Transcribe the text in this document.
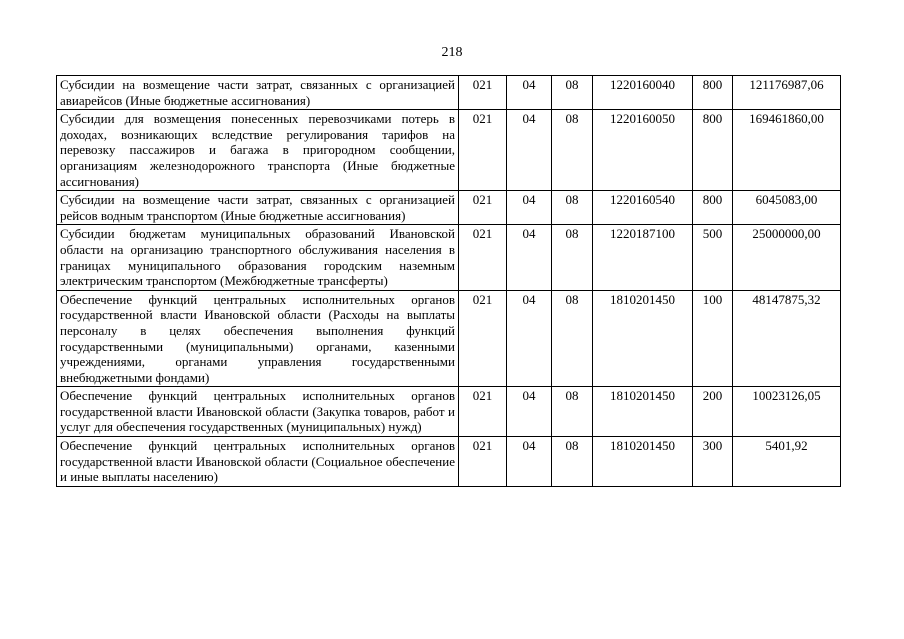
218
Субсидии на возмещение части затрат, связанных с организацией авиарейсов (Иные бюджетные ассигнования)	021	04	08	1220160040	800	121176987,06
Субсидии для возмещения понесенных перевозчиками потерь в доходах, возникающих вследствие регулирования тарифов на перевозку пассажиров и багажа в пригородном сообщении, организациям железнодорожного транспорта (Иные бюджетные ассигнования)	021	04	08	1220160050	800	169461860,00
Субсидии на возмещение части затрат, связанных с организацией рейсов водным транспортом (Иные бюджетные ассигнования)	021	04	08	1220160540	800	6045083,00
Субсидии бюджетам муниципальных образований Ивановской области на организацию транспортного обслуживания населения в границах муниципального образования городским наземным электрическим транспортом (Межбюджетные трансферты)	021	04	08	1220187100	500	25000000,00
Обеспечение функций центральных исполнительных органов государственной власти Ивановской области (Расходы на выплаты персоналу в целях обеспечения выполнения функций государственными (муниципальными) органами, казенными учреждениями, органами управления государственными внебюджетными фондами)	021	04	08	1810201450	100	48147875,32
Обеспечение функций центральных исполнительных органов государственной власти Ивановской области (Закупка товаров, работ и услуг для обеспечения государственных (муниципальных) нужд)	021	04	08	1810201450	200	10023126,05
Обеспечение функций центральных исполнительных органов государственной власти Ивановской области (Социальное обеспечение и иные выплаты населению)	021	04	08	1810201450	300	5401,92
